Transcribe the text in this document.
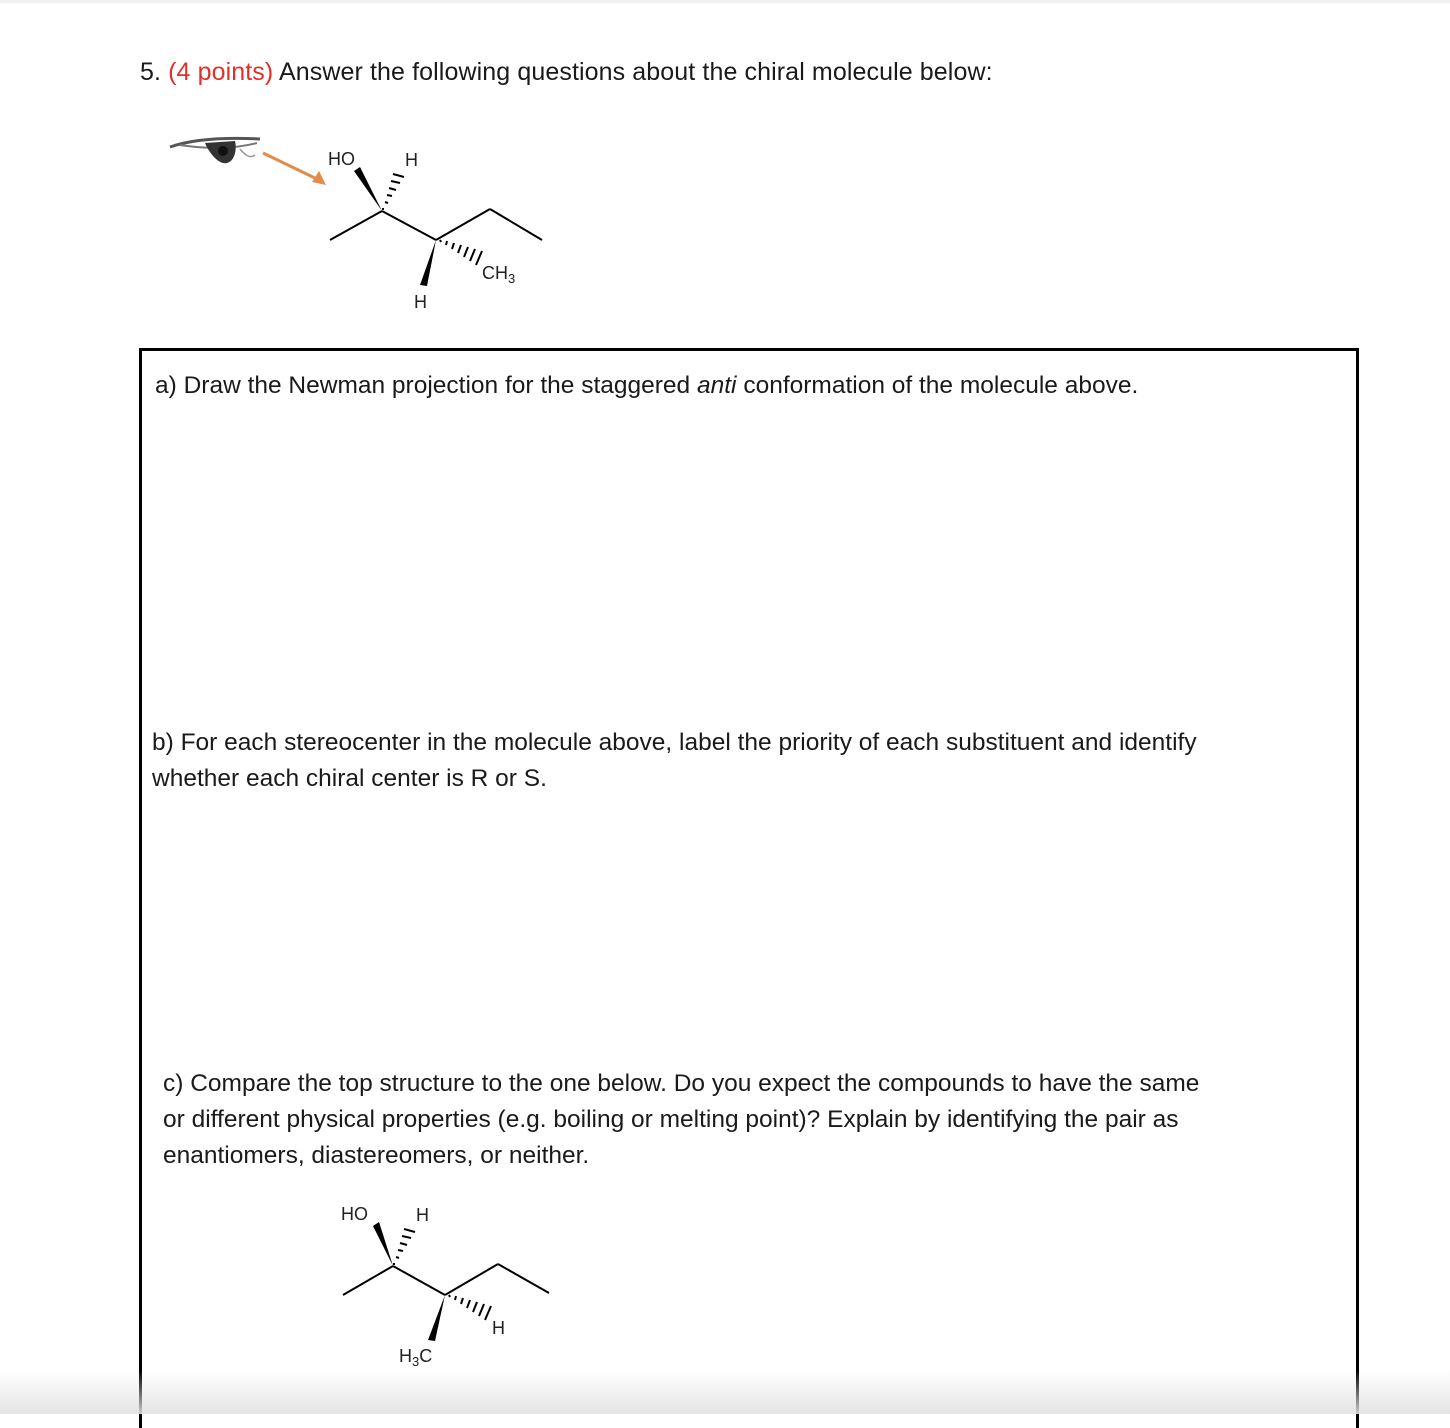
5. (4 points) Answer the following questions about the chiral molecule below:
HO	H
H
$CH_3$
a) Draw the Newman projection for the staggered anti conformation of the molecule above.
b) For each stereocenter in the molecule above, label the priority of each substituent and identify
whether each chiral center is R or S.
c) Compare the top structure to the one below. Do you expect the compounds to have the same
or different physical properties (e.g. boiling or melting point)? Explain by identifying the pair as
enantiomers, diastereomers, or neither.
HO	H
H
$H_3C$
